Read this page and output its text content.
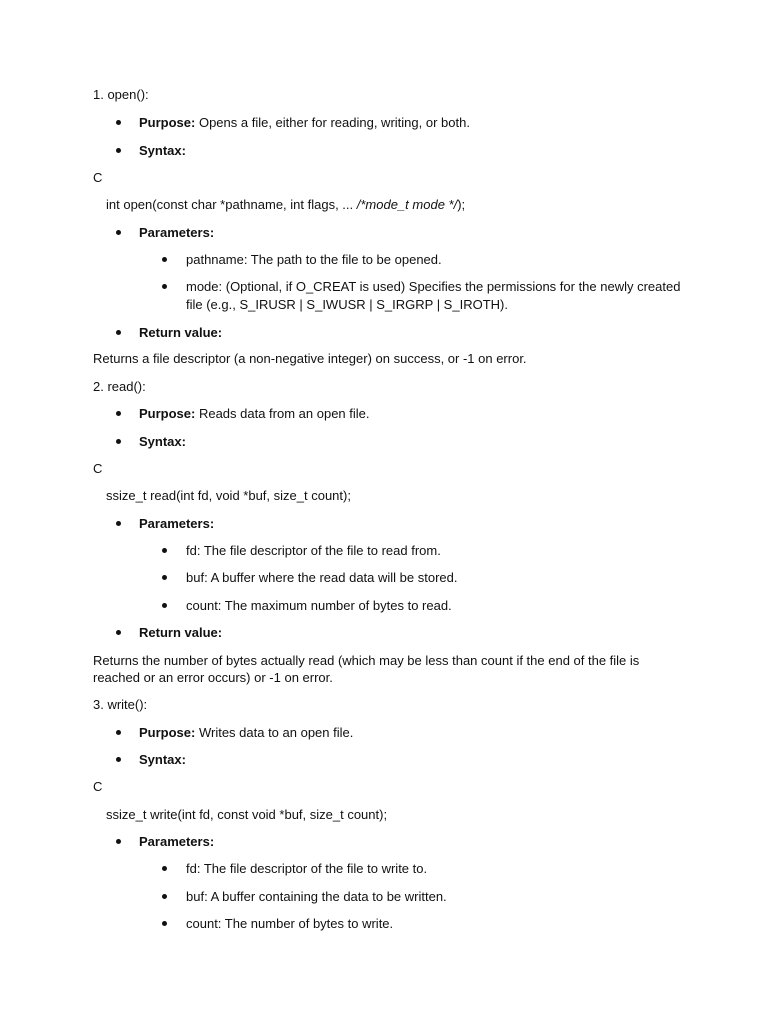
1. open():
Purpose: Opens a file, either for reading, writing, or both.
Syntax:
C
int open(const char *pathname, int flags, ... /*mode_t mode */);
Parameters:
pathname: The path to the file to be opened.
mode: (Optional, if O_CREAT is used) Specifies the permissions for the newly created
file (e.g., S_IRUSR | S_IWUSR | S_IRGRP | S_IROTH).
Return value:
Returns a file descriptor (a non-negative integer) on success, or -1 on error.
2. read():
Purpose: Reads data from an open file.
Syntax:
C
ssize_t read(int fd, void *buf, size_t count);
Parameters:
fd: The file descriptor of the file to read from.
buf: A buffer where the read data will be stored.
count: The maximum number of bytes to read.
Return value:
Returns the number of bytes actually read (which may be less than count if the end of the file is
reached or an error occurs) or -1 on error.
3. write():
Purpose: Writes data to an open file.
Syntax:
C
ssize_t write(int fd, const void *buf, size_t count);
Parameters:
fd: The file descriptor of the file to write to.
buf: A buffer containing the data to be written.
count: The number of bytes to write.
